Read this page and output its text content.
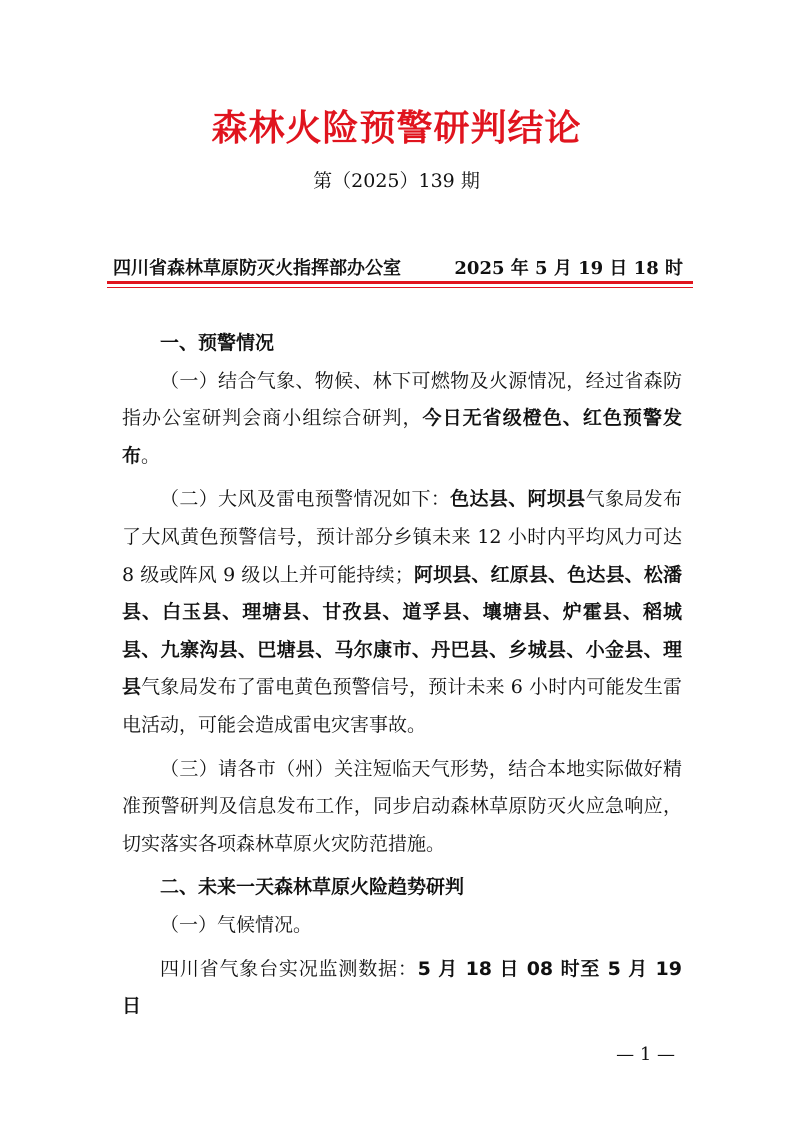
森林火险预警研判结论
第（2025）139 期
四川省森林草原防灭火指挥部办公室	2025 年 5 月 19 日 18 时

一、预警情况

（一）结合气象、物候、林下可燃物及火源情况，经过省森防指办公室研判会商小组综合研判，今日无省级橙色、红色预警发布。

（二）大风及雷电预警情况如下：色达县、阿坝县气象局发布了大风黄色预警信号，预计部分乡镇未来 12 小时内平均风力可达 8 级或阵风 9 级以上并可能持续；阿坝县、红原县、色达县、松潘县、白玉县、理塘县、甘孜县、道孚县、壤塘县、炉霍县、稻城县、九寨沟县、巴塘县、马尔康市、丹巴县、乡城县、小金县、理县气象局发布了雷电黄色预警信号，预计未来 6 小时内可能发生雷电活动，可能会造成雷电灾害事故。

（三）请各市（州）关注短临天气形势，结合本地实际做好精准预警研判及信息发布工作，同步启动森林草原防灭火应急响应，切实落实各项森林草原火灾防范措施。

二、未来一天森林草原火险趋势研判

（一）气候情况。

四川省气象台实况监测数据：5 月 18 日 08 时至 5 月 19 日

— 1 —
